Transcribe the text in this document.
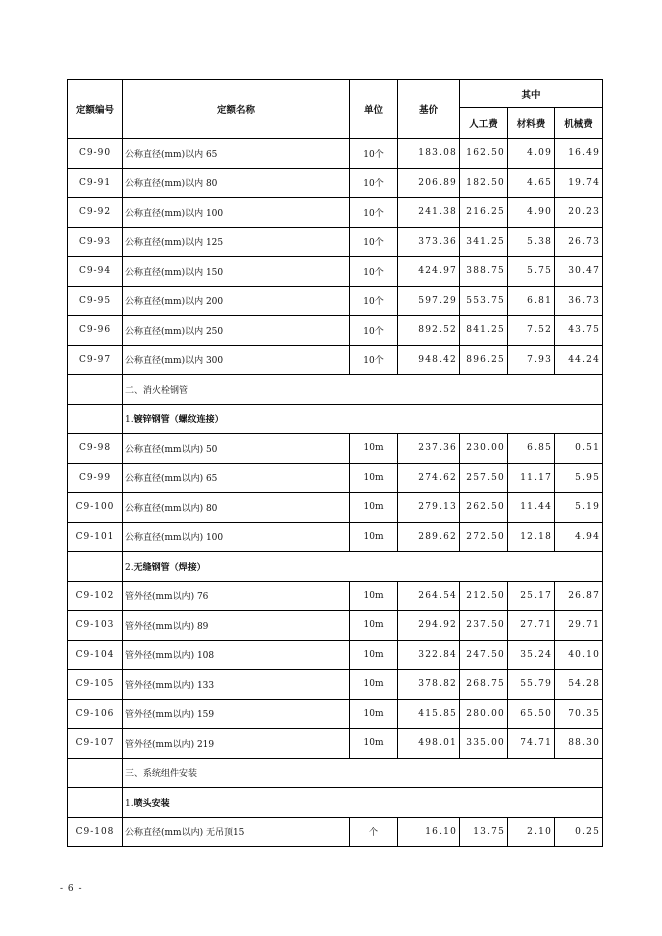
定额编号	定额名称	单位	基价	其中		
				人工费	材料费	机械费
C9-90	公称直径(mm)以内 65	10个	183.08	162.50	4.09	16.49
C9-91	公称直径(mm)以内 80	10个	206.89	182.50	4.65	19.74
C9-92	公称直径(mm)以内 100	10个	241.38	216.25	4.90	20.23
C9-93	公称直径(mm)以内 125	10个	373.36	341.25	5.38	26.73
C9-94	公称直径(mm)以内 150	10个	424.97	388.75	5.75	30.47
C9-95	公称直径(mm)以内 200	10个	597.29	553.75	6.81	36.73
C9-96	公称直径(mm)以内 250	10个	892.52	841.25	7.52	43.75
C9-97	公称直径(mm)以内 300	10个	948.42	896.25	7.93	44.24
	二、消火栓钢管					
	1.镀锌钢管（螺纹连接）					
C9-98	公称直径(mm以内) 50	10m	237.36	230.00	6.85	0.51
C9-99	公称直径(mm以内) 65	10m	274.62	257.50	11.17	5.95
C9-100	公称直径(mm以内) 80	10m	279.13	262.50	11.44	5.19
C9-101	公称直径(mm以内) 100	10m	289.62	272.50	12.18	4.94
	2.无缝钢管（焊接）					
C9-102	管外径(mm以内) 76	10m	264.54	212.50	25.17	26.87
C9-103	管外径(mm以内) 89	10m	294.92	237.50	27.71	29.71
C9-104	管外径(mm以内) 108	10m	322.84	247.50	35.24	40.10
C9-105	管外径(mm以内) 133	10m	378.82	268.75	55.79	54.28
C9-106	管外径(mm以内) 159	10m	415.85	280.00	65.50	70.35
C9-107	管外径(mm以内) 219	10m	498.01	335.00	74.71	88.30
	三、系统组件安装					
	1.喷头安装					
C9-108	公称直径(mm以内) 无吊顶15	个	16.10	13.75	2.10	0.25
- 6 -
